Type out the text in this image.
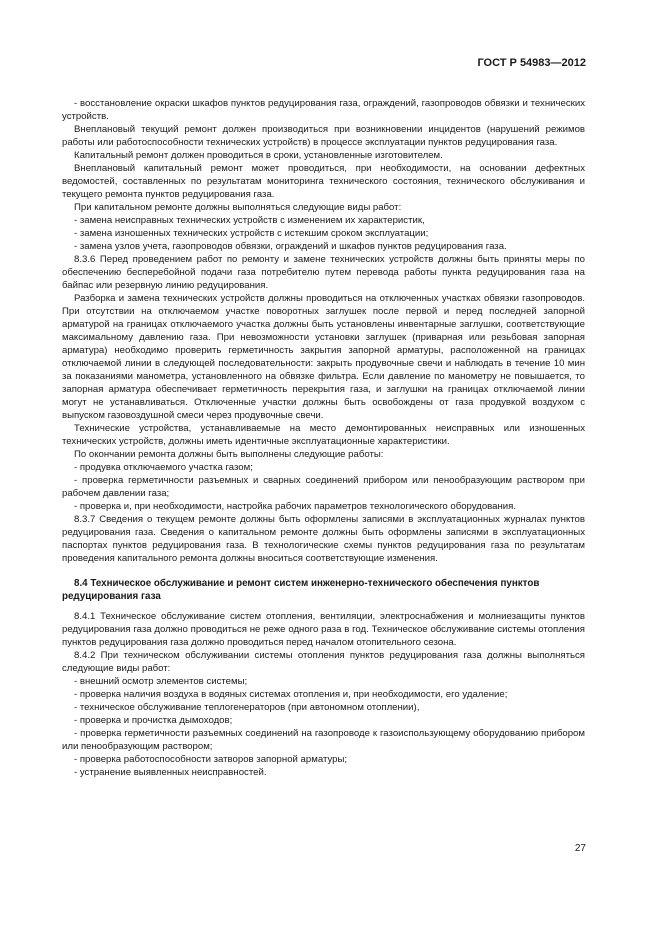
ГОСТ Р 54983—2012

- восстановление окраски шкафов пунктов редуцирования газа, ограждений, газопроводов обвязки и технических устройств.

Внеплановый текущий ремонт должен производиться при возникновении инцидентов (нарушений режимов работы или работоспособности технических устройств) в процессе эксплуатации пунктов редуцирования газа.

Капитальный ремонт должен проводиться в сроки, установленные изготовителем.

Внеплановый капитальный ремонт может проводиться, при необходимости, на основании дефектных ведомостей, составленных по результатам мониторинга технического состояния, технического обслуживания и текущего ремонта пунктов редуцирования газа.

При капитальном ремонте должны выполняться следующие виды работ:

- замена неисправных технических устройств с изменением их характеристик,

- замена изношенных технических устройств с истекшим сроком эксплуатации;

- замена узлов учета, газопроводов обвязки, ограждений и шкафов пунктов редуцирования газа.

8.3.6 Перед проведением работ по ремонту и замене технических устройств должны быть приняты меры по обеспечению бесперебойной подачи газа потребителю путем перевода работы пункта редуцирования газа на байпас или резервную линию редуцирования.

Разборка и замена технических устройств должны проводиться на отключенных участках обвязки газопроводов. При отсутствии на отключаемом участке поворотных заглушек после первой и перед последней запорной арматурой на границах отключаемого участка должны быть установлены инвентарные заглушки, соответствующие максимальному давлению газа. При невозможности установки заглушек (приварная или резьбовая запорная арматура) необходимо проверить герметичность закрытия запорной арматуры, расположенной на границах отключаемой линии в следующей последовательности: закрыть продувочные свечи и наблюдать в течение 10 мин за показаниями манометра, установленного на обвязке фильтра. Если давление по манометру не повышается, то запорная арматура обеспечивает герметичность перекрытия газа, и заглушки на границах отключаемой линии могут не устанавливаться. Отключенные участки должны быть освобождены от газа продувкой воздухом с выпуском газовоздушной смеси через продувочные свечи.

Технические устройства, устанавливаемые на место демонтированных неисправных или изношенных технических устройств, должны иметь идентичные эксплуатационные характеристики.

По окончании ремонта должны быть выполнены следующие работы:

- продувка отключаемого участка газом;

- проверка герметичности разъемных и сварных соединений прибором или пенообразующим раствором при рабочем давлении газа;

- проверка и, при необходимости, настройка рабочих параметров технологического оборудования.

8.3.7 Сведения о текущем ремонте должны быть оформлены записями в эксплуатационных журналах пунктов редуцирования газа. Сведения о капитальном ремонте должны быть оформлены записями в эксплуатационных паспортах пунктов редуцирования газа. В технологические схемы пунктов редуцирования газа по результатам проведения капитального ремонта должны вноситься соответствующие изменения.

8.4 Техническое обслуживание и ремонт систем инженерно-технического обеспечения пунктов редуцирования газа

8.4.1 Техническое обслуживание систем отопления, вентиляции, электроснабжения и молниезащиты пунктов редуцирования газа должно проводиться не реже одного раза в год. Техническое обслуживание системы отопления пунктов редуцирования газа должно проводиться перед началом отопительного сезона.

8.4.2 При техническом обслуживании системы отопления пунктов редуцирования газа должны выполняться следующие виды работ:

- внешний осмотр элементов системы;

- проверка наличия воздуха в водяных системах отопления и, при необходимости, его удаление;

- техническое обслуживание теплогенераторов (при автономном отоплении),

- проверка и прочистка дымоходов;

- проверка герметичности разъемных соединений на газопроводе к газоиспользующему оборудованию прибором или пенообразующим раствором;

- проверка работоспособности затворов запорной арматуры;

- устранение выявленных неисправностей.

27
